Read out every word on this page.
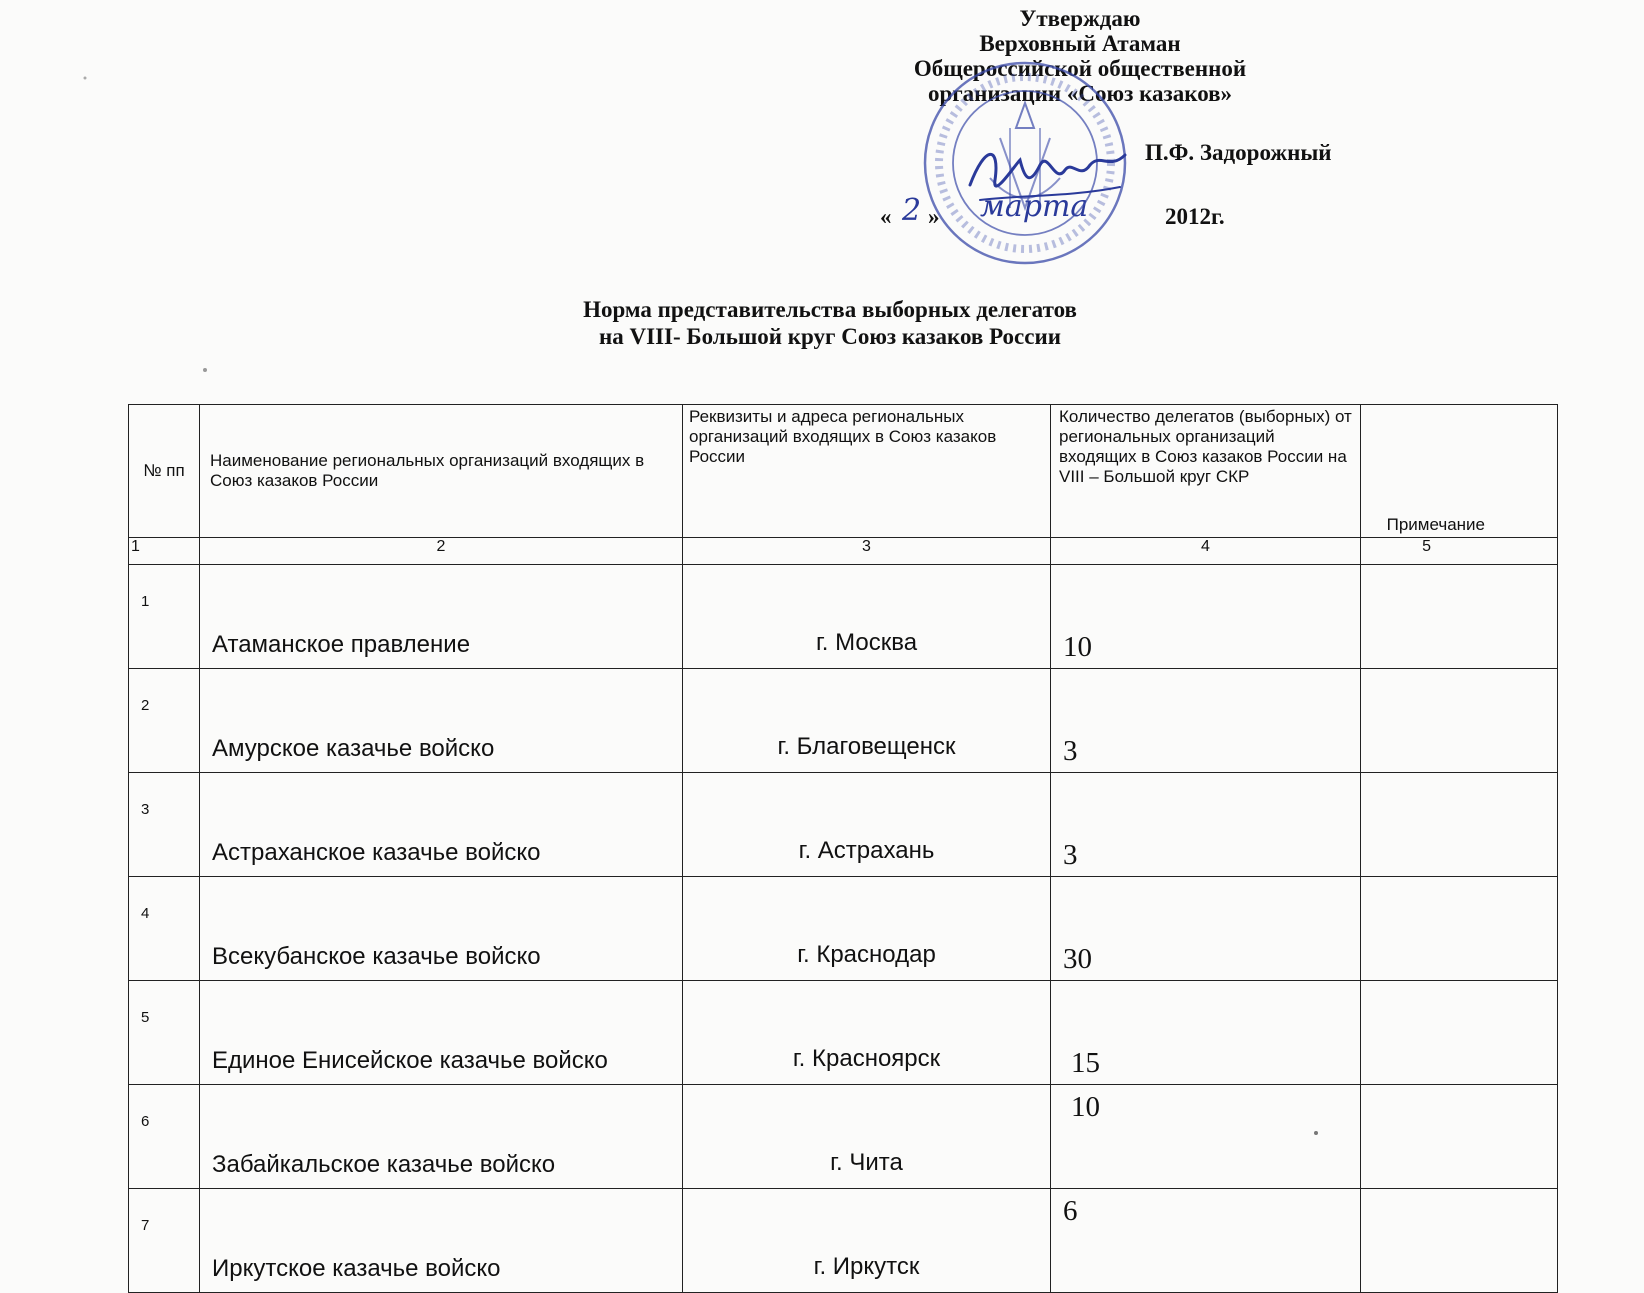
Утверждаю
Верховный Атаман
Общероссийской общественной
организации «Союз казаков»
П.Ф. Задорожный
« 2 » марта	2012г.
Норма представительства выборных делегатов
на VIII- Большой круг Союз казаков России
№ пп	Наименование региональных организаций входящих в Союз казаков России	Реквизиты и адреса региональных организаций входящих в Союз казаков России	Количество делегатов (выборных) от региональных организаций входящих в Союз казаков России на VIII – Большой круг СКР	Примечание
1	2	3	4	5
1	Атаманское правление	г. Москва	10	
2	Амурское казачье войско	г. Благовещенск	3	
3	Астраханское казачье войско	г. Астрахань	3	
4	Всекубанское казачье войско	г. Краснодар	30	
5	Единое Енисейское казачье войско	г. Красноярск	15	
6	Забайкальское казачье войско	г. Чита	10	
7	Иркутское казачье войско	г. Иркутск	6	
